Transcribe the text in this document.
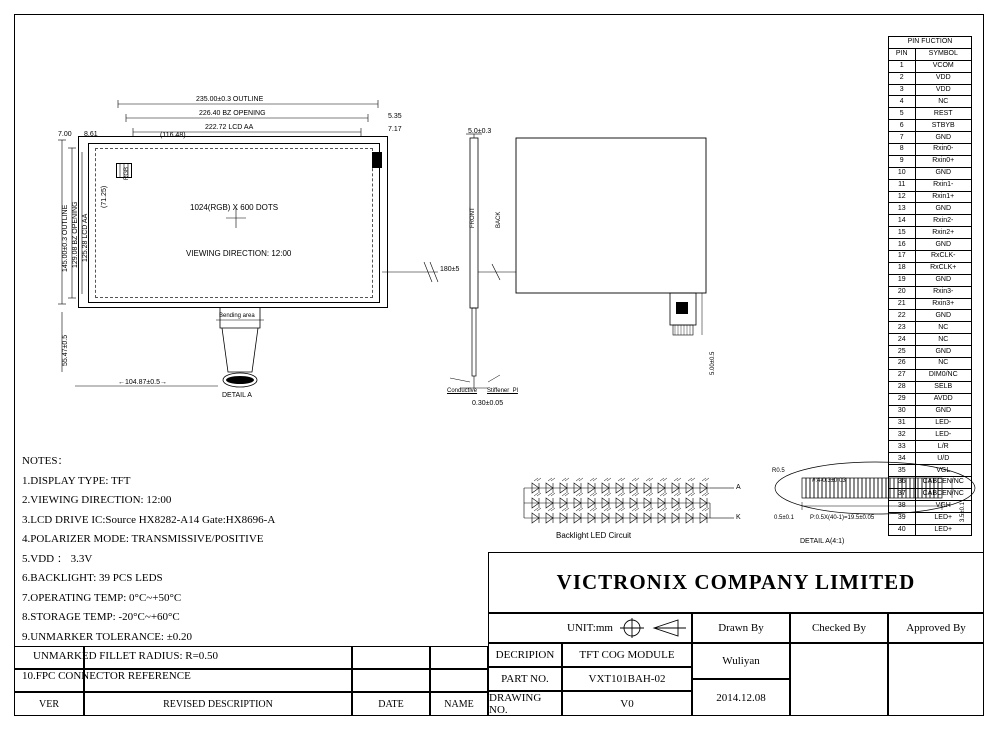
235.00±0.3 OUTLINE
226.40 BZ OPENING
222.72 LCD AA
(116.48)
5.35
7.17
7.00 8.61
145.00±0.3 OUTLINE 129.08 BZ OPENING 125.28 LCD AA
(71.25)
RGB
1024(RGB) X 600 DOTS
VIEWING DIRECTION: 12:00
Bending area
180±5
←104.87±0.5→
55.47±0.5
DETAIL A
5.0±0.3
FRONT	BACK
Conductive Stiffener_Pl
0.30±0.05
5.00±0.5
A
K
Backlight LED Circuit
R0.5
#:4-0.3±0.03
0.5±0.1	P:0.5X(40-1)=19.5±0.05	3.5±0.1
DETAIL A(4:1)
PIN FUCTION	
PIN	SYMBOL
1	VCOM
2	VDD
3	VDD
4	NC
5	REST
6	STBYB
7	GND
8	Rxin0-
9	Rxin0+
10	GND
11	Rxin1-
12	Rxin1+
13	GND
14	Rxin2-
15	Rxin2+
16	GND
17	RxCLK-
18	RxCLK+
19	GND
20	Rxin3-
21	Rxin3+
22	GND
23	NC
24	NC
25	GND
26	NC
27	DIM0/NC
28	SELB
29	AVDD
30	GND
31	LED-
32	LED-
33	L/R
34	U/D
35	VGL
36	CABCEN/NC
37	CABCEN/NC
38	VGH
39	LED+
40	LED+
NOTES：
1.DISPLAY TYPE: TFT
2.VIEWING DIRECTION: 12:00
3.LCD DRIVE IC:Source HX8282-A14 Gate:HX8696-A
4.POLARIZER MODE: TRANSMISSIVE/POSITIVE
5.VDD ： 3.3V
6.BACKLIGHT: 39 PCS LEDS
7.OPERATING TEMP: 0°C~+50°C
8.STORAGE TEMP: -20°C~+60°C
9.UNMARKER TOLERANCE: ±0.20
　UNMARKED FILLET RADIUS: R=0.50
10.FPC CONNECTOR REFERENCE
VER	REVISED DESCRIPTION	DATE	NAME
VICTRONIX COMPANY LIMITED
UNIT:mm	Drawn By	Checked By	Approved By
DECRIPION	TFT COG MODULE
PART NO.	VXT101BAH-02
DRAWING NO.	V0
Wuliyan
2014.12.08
